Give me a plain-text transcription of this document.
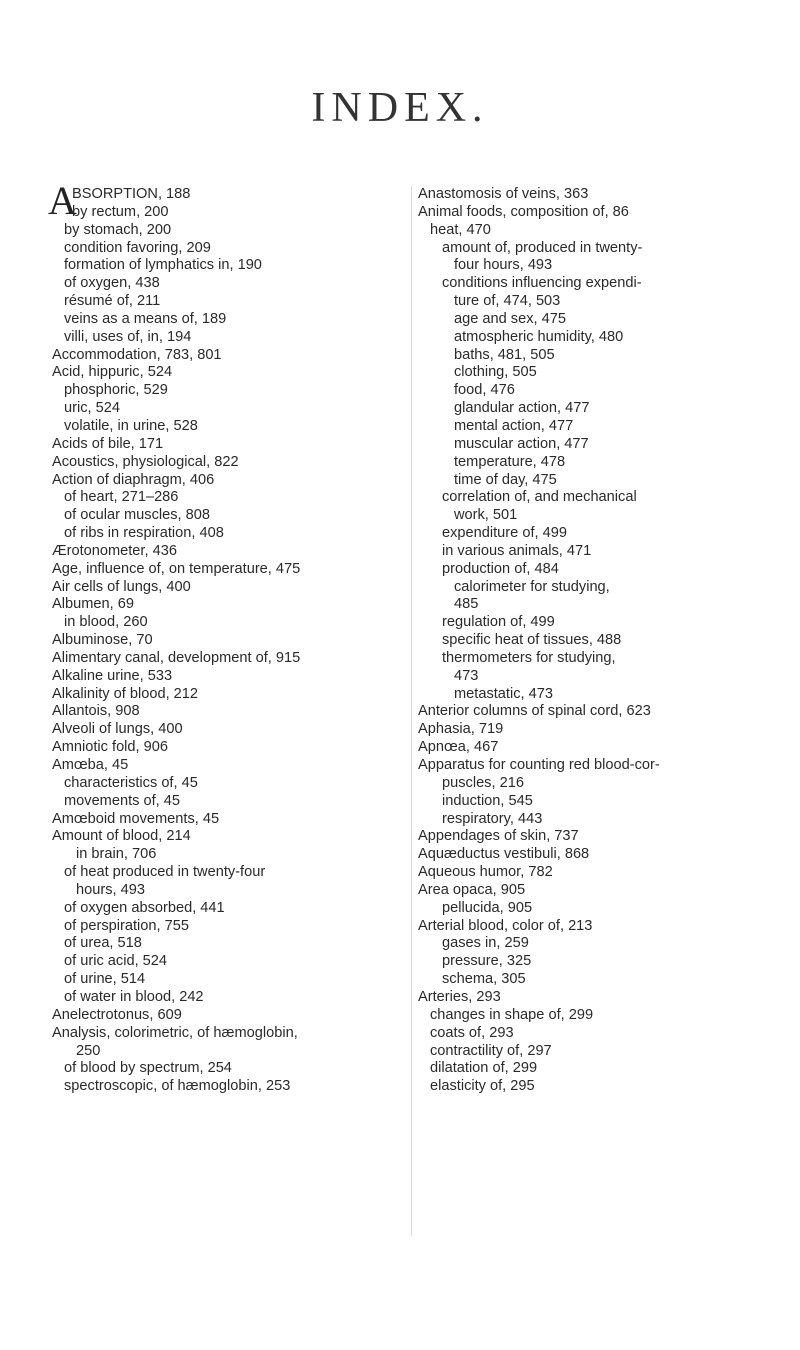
INDEX.
A
BSORPTION, 188
by rectum, 200
by stomach, 200
condition favoring, 209
formation of lymphatics in, 190
of oxygen, 438
résumé of, 211
veins as a means of, 189
villi, uses of, in, 194
Accommodation, 783, 801
Acid, hippuric, 524
phosphoric, 529
uric, 524
volatile, in urine, 528
Acids of bile, 171
Acoustics, physiological, 822
Action of diaphragm, 406
of heart, 271–286
of ocular muscles, 808
of ribs in respiration, 408
Ærotonometer, 436
Age, influence of, on temperature, 475
Air cells of lungs, 400
Albumen, 69
in blood, 260
Albuminose, 70
Alimentary canal, development of, 915
Alkaline urine, 533
Alkalinity of blood, 212
Allantois, 908
Alveoli of lungs, 400
Amniotic fold, 906
Amœba, 45
characteristics of, 45
movements of, 45
Amœboid movements, 45
Amount of blood, 214
in brain, 706
of heat produced in twenty-four
hours, 493
of oxygen absorbed, 441
of perspiration, 755
of urea, 518
of uric acid, 524
of urine, 514
of water in blood, 242
Anelectrotonus, 609
Analysis, colorimetric, of hæmoglobin,
250
of blood by spectrum, 254
spectroscopic, of hæmoglobin, 253
Anastomosis of veins, 363
Animal foods, composition of, 86
heat, 470
amount of, produced in twenty-
four hours, 493
conditions influencing expendi-
ture of, 474, 503
age and sex, 475
atmospheric humidity, 480
baths, 481, 505
clothing, 505
food, 476
glandular action, 477
mental action, 477
muscular action, 477
temperature, 478
time of day, 475
correlation of, and mechanical
work, 501
expenditure of, 499
in various animals, 471
production of, 484
calorimeter for studying,
485
regulation of, 499
specific heat of tissues, 488
thermometers for studying,
473
metastatic, 473
Anterior columns of spinal cord, 623
Aphasia, 719
Apnœa, 467
Apparatus for counting red blood-cor-
puscles, 216
induction, 545
respiratory, 443
Appendages of skin, 737
Aquæductus vestibuli, 868
Aqueous humor, 782
Area opaca, 905
pellucida, 905
Arterial blood, color of, 213
gases in, 259
pressure, 325
schema, 305
Arteries, 293
changes in shape of, 299
coats of, 293
contractility of, 297
dilatation of, 299
elasticity of, 295
